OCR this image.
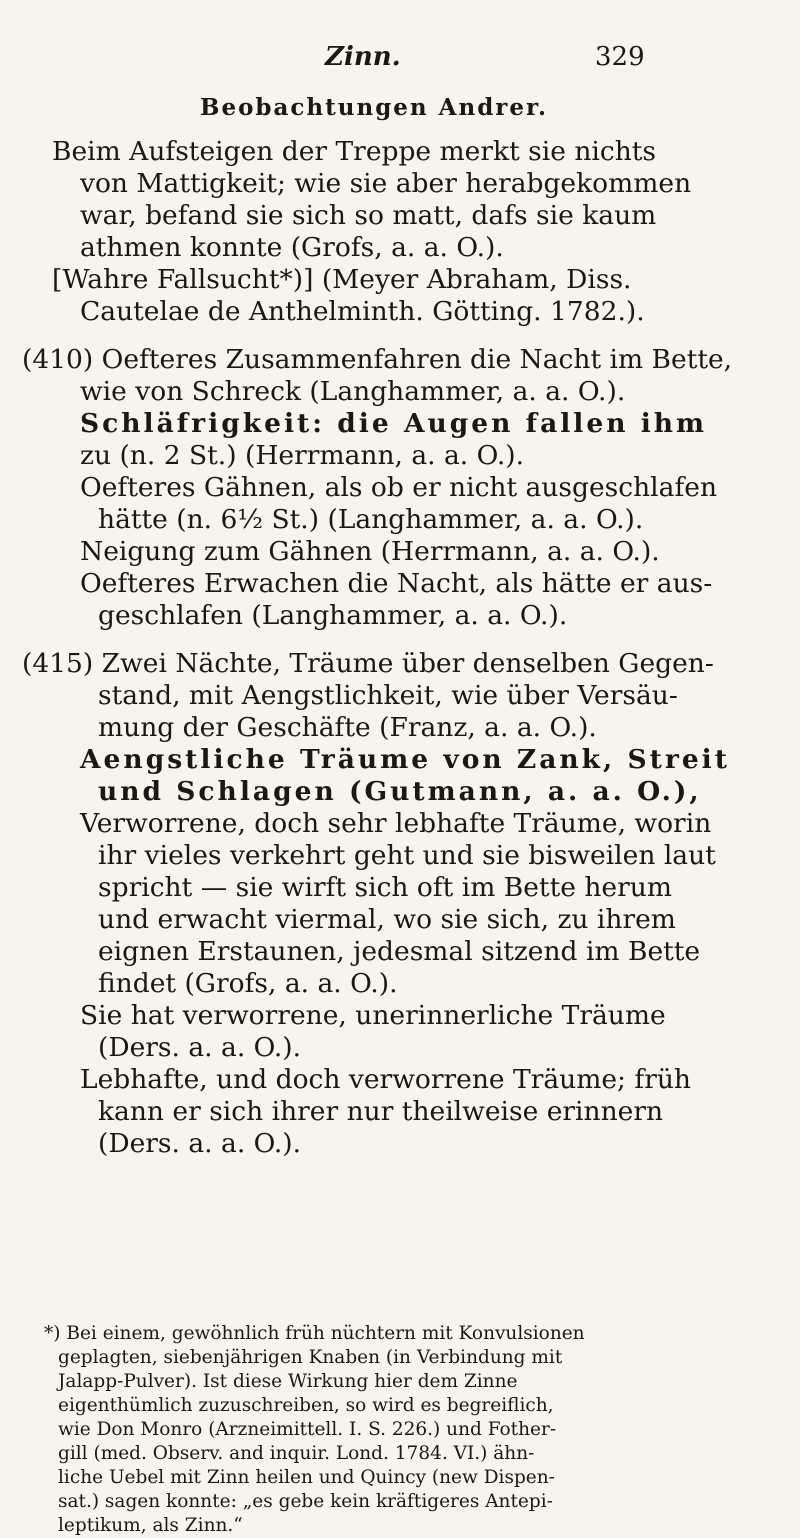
Zinn.	329
Beobachtungen Andrer.
Beim Aufsteigen der Treppe merkt sie nichts
von Mattigkeit; wie sie aber herabgekommen
war, befand sie sich so matt, dafs sie kaum
athmen konnte (Grofs, a. a. O.).
[Wahre Fallsucht*)] (Meyer Abraham, Diss.
Cautelae de Anthelminth. Götting. 1782.).
(410) Oefteres Zusammenfahren die Nacht im Bette,
wie von Schreck (Langhammer, a. a. O.).
Schläfrigkeit: die Augen fallen ihm
zu (n. 2 St.) (Herrmann, a. a. O.).
Oefteres Gähnen, als ob er nicht ausgeschlafen
hätte (n. 6½ St.) (Langhammer, a. a. O.).
Neigung zum Gähnen (Herrmann, a. a. O.).
Oefteres Erwachen die Nacht, als hätte er aus-
geschlafen (Langhammer, a. a. O.).
(415) Zwei Nächte, Träume über denselben Gegen-
stand, mit Aengstlichkeit, wie über Versäu-
mung der Geschäfte (Franz, a. a. O.).
Aengstliche Träume von Zank, Streit
und Schlagen (Gutmann, a. a. O.),
Verworrene, doch sehr lebhafte Träume, worin
ihr vieles verkehrt geht und sie bisweilen laut
spricht — sie wirft sich oft im Bette herum
und erwacht viermal, wo sie sich, zu ihrem
eignen Erstaunen, jedesmal sitzend im Bette
findet (Grofs, a. a. O.).
Sie hat verworrene, unerinnerliche Träume
(Ders. a. a. O.).
Lebhafte, und doch verworrene Träume; früh
kann er sich ihrer nur theilweise erinnern
(Ders. a. a. O.).
*) Bei einem, gewöhnlich früh nüchtern mit Konvulsionen
geplagten, siebenjährigen Knaben (in Verbindung mit
Jalapp-Pulver). Ist diese Wirkung hier dem Zinne
eigenthümlich zuzuschreiben, so wird es begreiflich,
wie Don Monro (Arzneimittell. I. S. 226.) und Fother-
gill (med. Observ. and inquir. Lond. 1784. VI.) ähn-
liche Uebel mit Zinn heilen und Quincy (new Dispen-
sat.) sagen konnte: „es gebe kein kräftigeres Antepi-
leptikum, als Zinn.“
